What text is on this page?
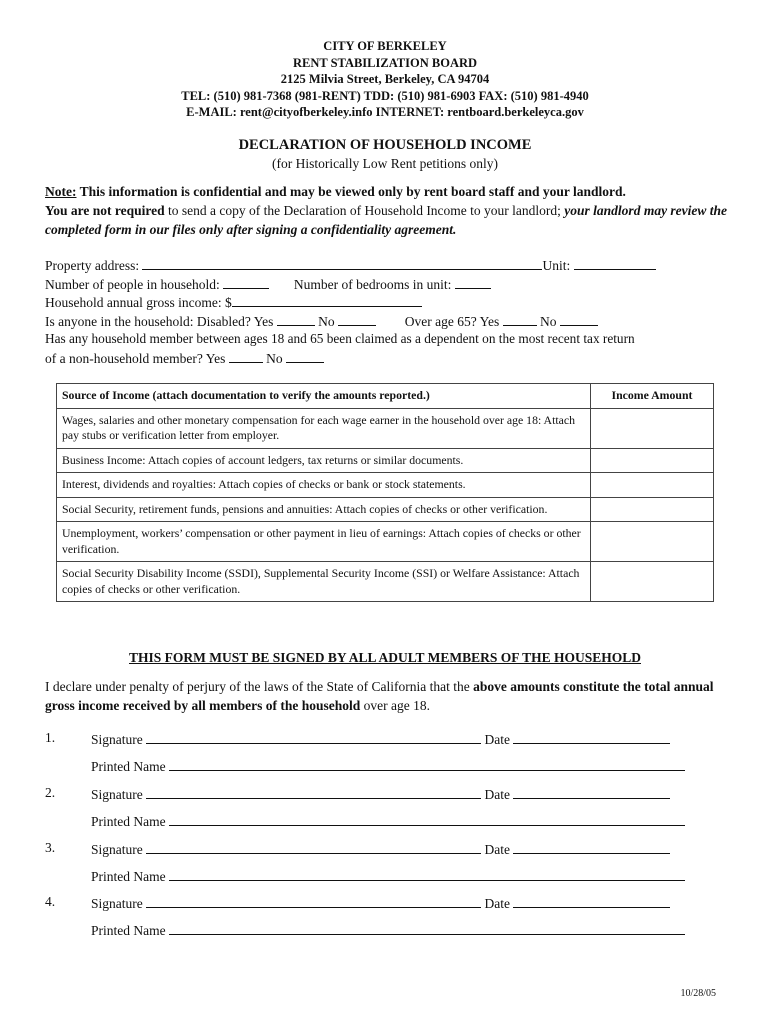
CITY OF BERKELEY
RENT STABILIZATION BOARD
2125 Milvia Street, Berkeley, CA 94704
TEL: (510) 981-7368 (981-RENT) TDD: (510) 981-6903 FAX: (510) 981-4940
E-MAIL: rent@cityofberkeley.info INTERNET: rentboard.berkeleyca.gov
DECLARATION OF HOUSEHOLD INCOME
(for Historically Low Rent petitions only)
Note: This information is confidential and may be viewed only by rent board staff and your landlord.
You are not required to send a copy of the Declaration of Household Income to your landlord; your landlord may review the completed form in our files only after signing a confidentiality agreement.
Property address:	Unit:
Number of people in household:	Number of bedrooms in unit:
Household annual gross income: $
Is anyone in the household: Disabled? Yes	No	Over age 65? Yes	No
Has any household member between ages 18 and 65 been claimed as a dependent on the most recent tax return
of a non-household member? Yes	No
Source of Income (attach documentation to verify the amounts reported.)	Income Amount
Wages, salaries and other monetary compensation for each wage earner in the household over age 18: Attach pay stubs or verification letter from employer.	
Business Income: Attach copies of account ledgers, tax returns or similar documents.	
Interest, dividends and royalties: Attach copies of checks or bank or stock statements.	
Social Security, retirement funds, pensions and annuities: Attach copies of checks or other verification.	
Unemployment, workers’ compensation or other payment in lieu of earnings: Attach copies of checks or other verification.	
Social Security Disability Income (SSDI), Supplemental Security Income (SSI) or Welfare Assistance: Attach copies of checks or other verification.	
THIS FORM MUST BE SIGNED BY ALL ADULT MEMBERS OF THE HOUSEHOLD
I declare under penalty of perjury of the laws of the State of California that the above amounts constitute the total annual gross income received by all members of the household over age 18.
1.	Signature	Date
Printed Name
2.	Signature	Date
Printed Name
3.	Signature	Date
Printed Name
4.	Signature	Date
Printed Name
10/28/05
